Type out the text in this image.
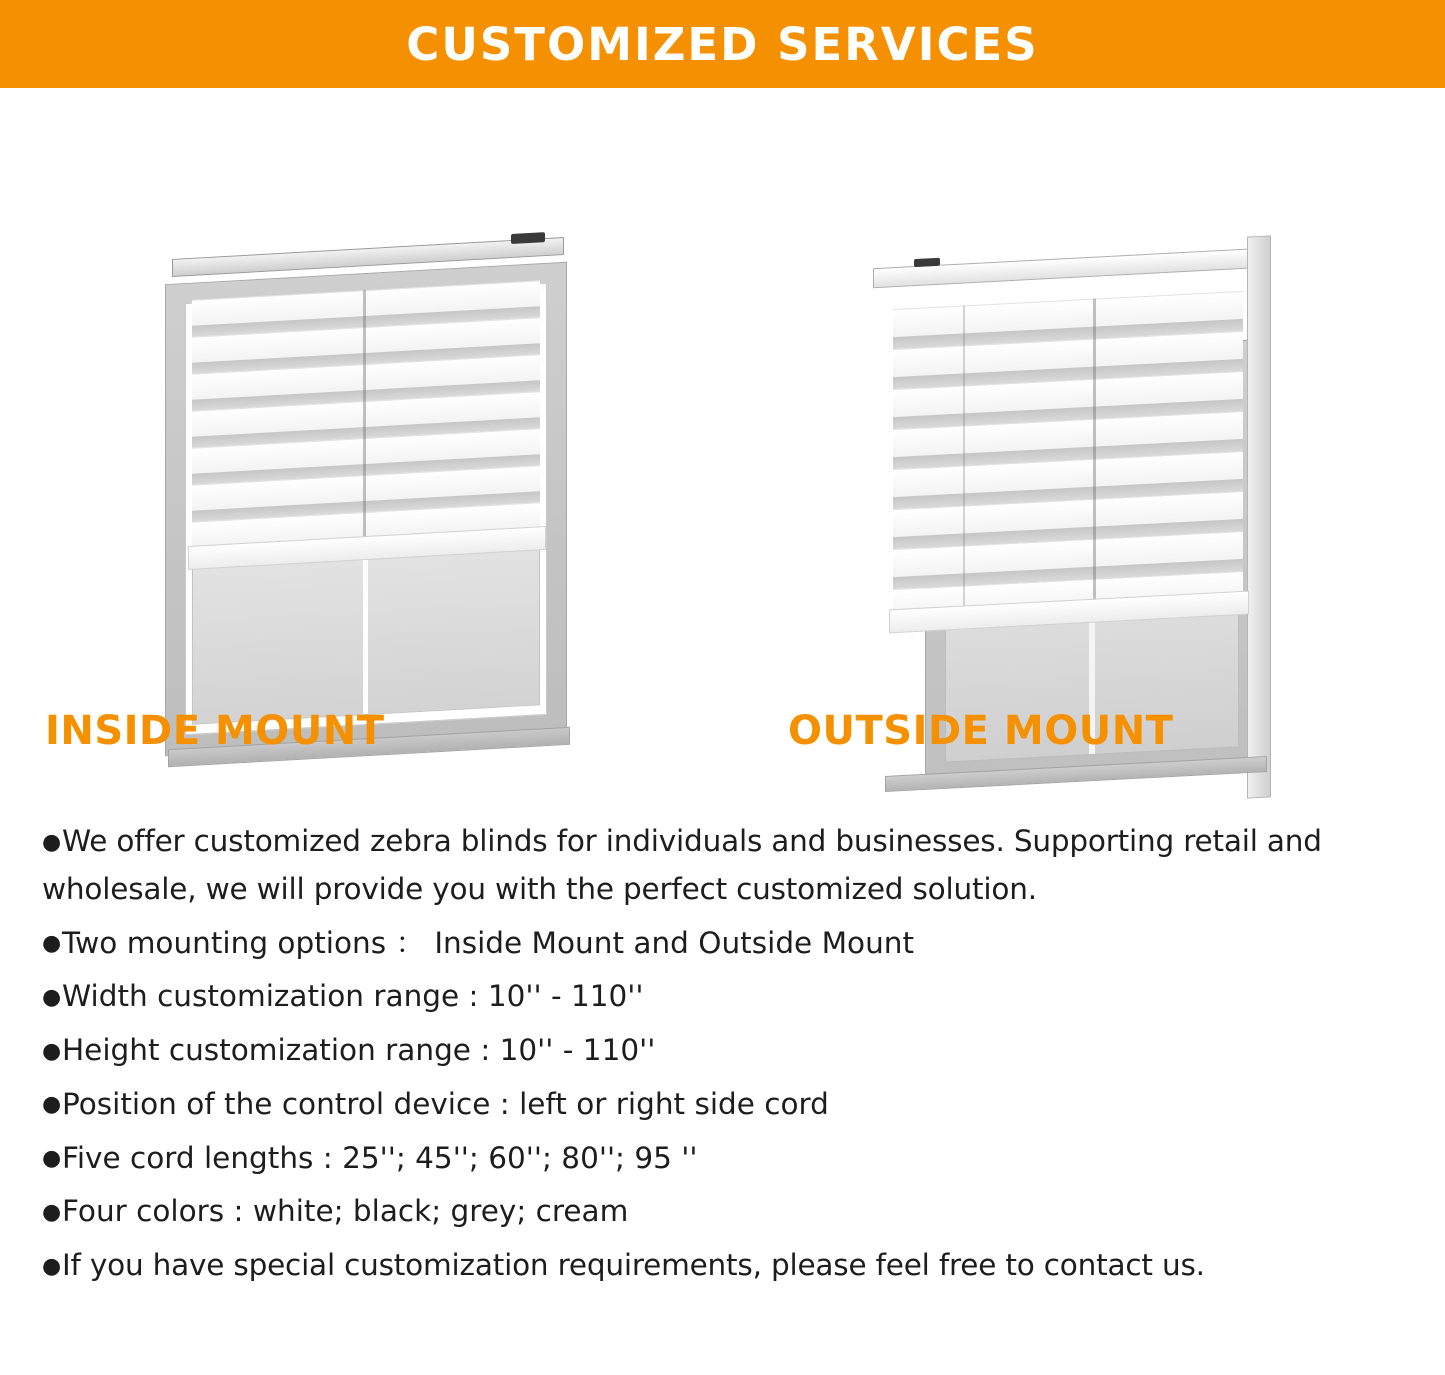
CUSTOMIZED SERVICES
INSIDE MOUNT	OUTSIDE MOUNT
●We offer customized zebra blinds for individuals and businesses. Supporting retail and wholesale, we will provide you with the perfect customized solution.
●Two mounting options ： Inside Mount and Outside Mount
●Width customization range : 10'' - 110''
●Height customization range : 10'' - 110''
●Position of the control device : left or right side cord
●Five cord lengths : 25''; 45''; 60''; 80''; 95 ''
●Four colors : white; black; grey; cream
●If you have special customization requirements, please feel free to contact us.
